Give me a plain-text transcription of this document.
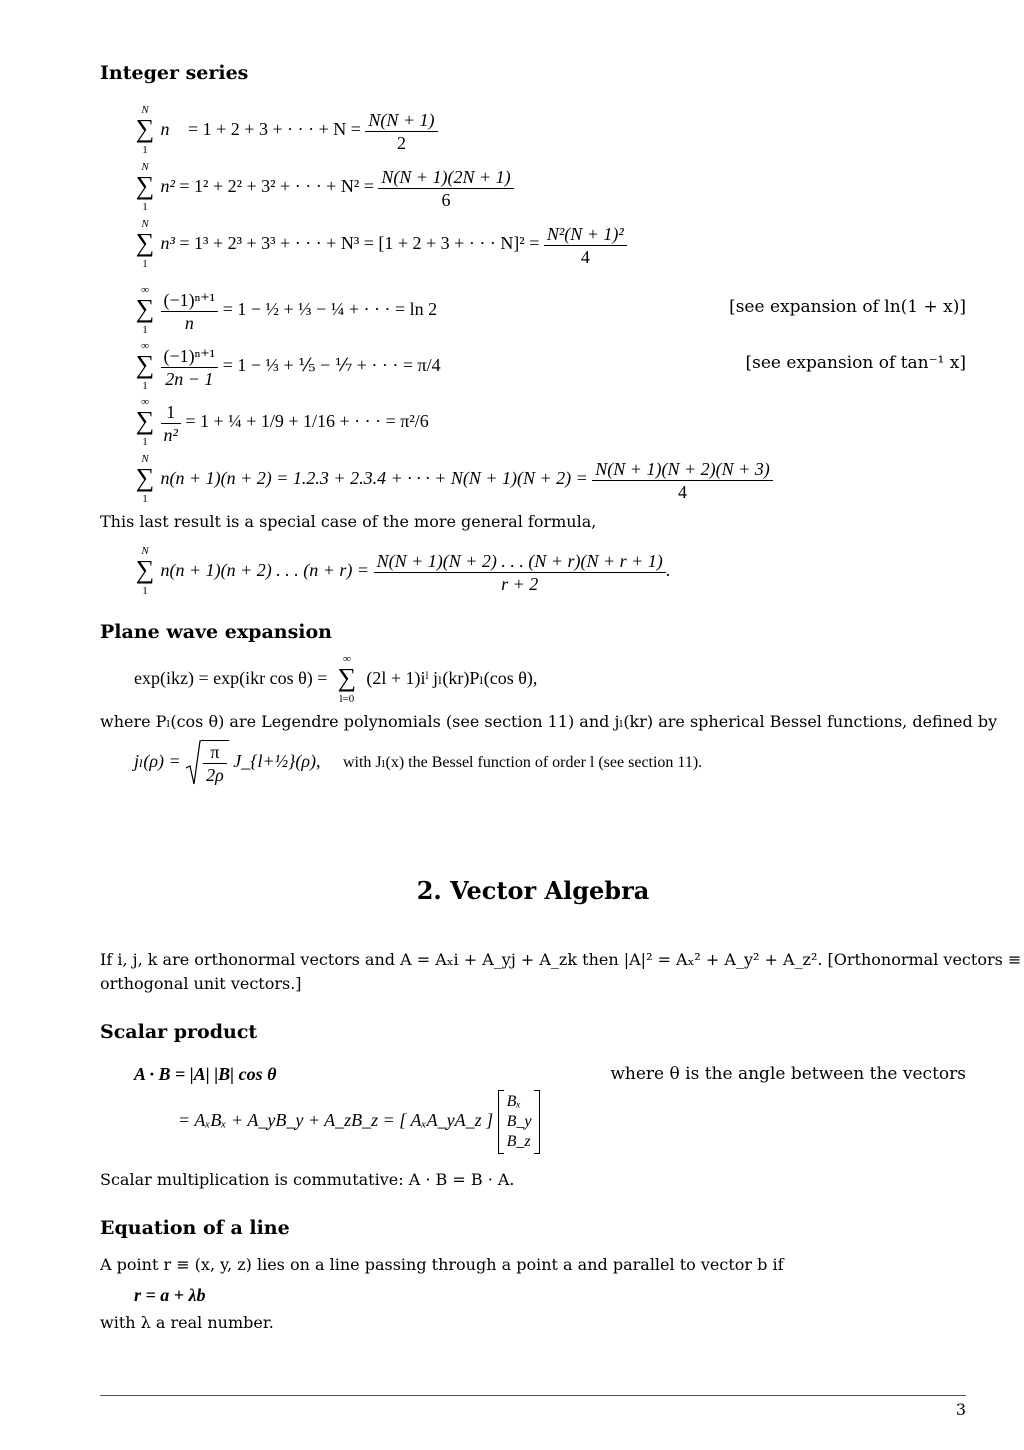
Integer series
N
∑
1
n = 1 + 2 + 3 + · · · + $N = \frac{N(N + 1)}{2}$
N
∑
1
n² = 1² + 2² + 3² + · · · + $N^2 = \frac{N(N + 1)(2N + 1)}{6}$
N
∑
1
n³ = 1³ + 2³ + 3³ + · · · + N³ = [1 + 2 + 3 + · · · $N]^2 = \frac{\text{N²(N + 1)²}}{4}$
∞
∑
1
$\frac{\text{(−1)ⁿ⁺¹}}{n} = 1$ − ½ + ⅓ − ¼ + · · · = ln 2	[see expansion of ln(1 + x)]
∞
∑
1
$\frac{\text{(−1)ⁿ⁺¹}}{2n - 1} = 1$ − ⅓ + ⅕ − ⅐ + · · · = π/4	[see expansion of tan⁻¹ x]
∞
∑
1
$\frac{1}{\text{n²}} = 1$ + ¼ + 1/9 + 1/16 + · · · = π²/6
N
∑
1
n(n + 1)(n + 2) = 1.2.3 + 2.3.4 + · · · + $N(N + 1)(N + 2) = \frac{N(N + 1)(N + 2)(N + 3)}{4}$
This last result is a special case of the more general formula,
N
∑
1
n(n + 1)(n + 2) . . . $(n + r) = \frac{N(N + 1)(N + 2) . . . (N + r)(N + r + 1)}{r + 2}$ .
Plane wave expansion
exp(ikz) = exp(ikr cos θ) =
∞
∑
l=0
(2l + 1)iˡ jₗ(kr)Pₗ(cos θ),
where Pₗ(cos θ) are Legendre polynomials (see section 11) and jₗ(kr) are spherical Bessel functions, defined by
$j_l(\rho) = \frac{\pi}{2\rho}$ J_{l+½}(ρ), with Jₗ(x) the Bessel function of order l (see section 11).
2. Vector Algebra
If i, j, k are orthonormal vectors and A = Aₓi + A_yj + A_zk then |A|² = Aₓ² + A_y² + A_z². [Orthonormal vectors ≡
orthogonal unit vectors.]
Scalar product
A · B = |A| |B| cos θ	where θ is the angle between the vectors
= AₓBₓ + A_yB_y + A_zB_z = [ AₓA_yA_z ]
Bₓ
B_y
B_z
Scalar multiplication is commutative: A · B = B · A.
Equation of a line
A point r ≡ (x, y, z) lies on a line passing through a point a and parallel to vector b if
r = a + λb
with λ a real number.
3
